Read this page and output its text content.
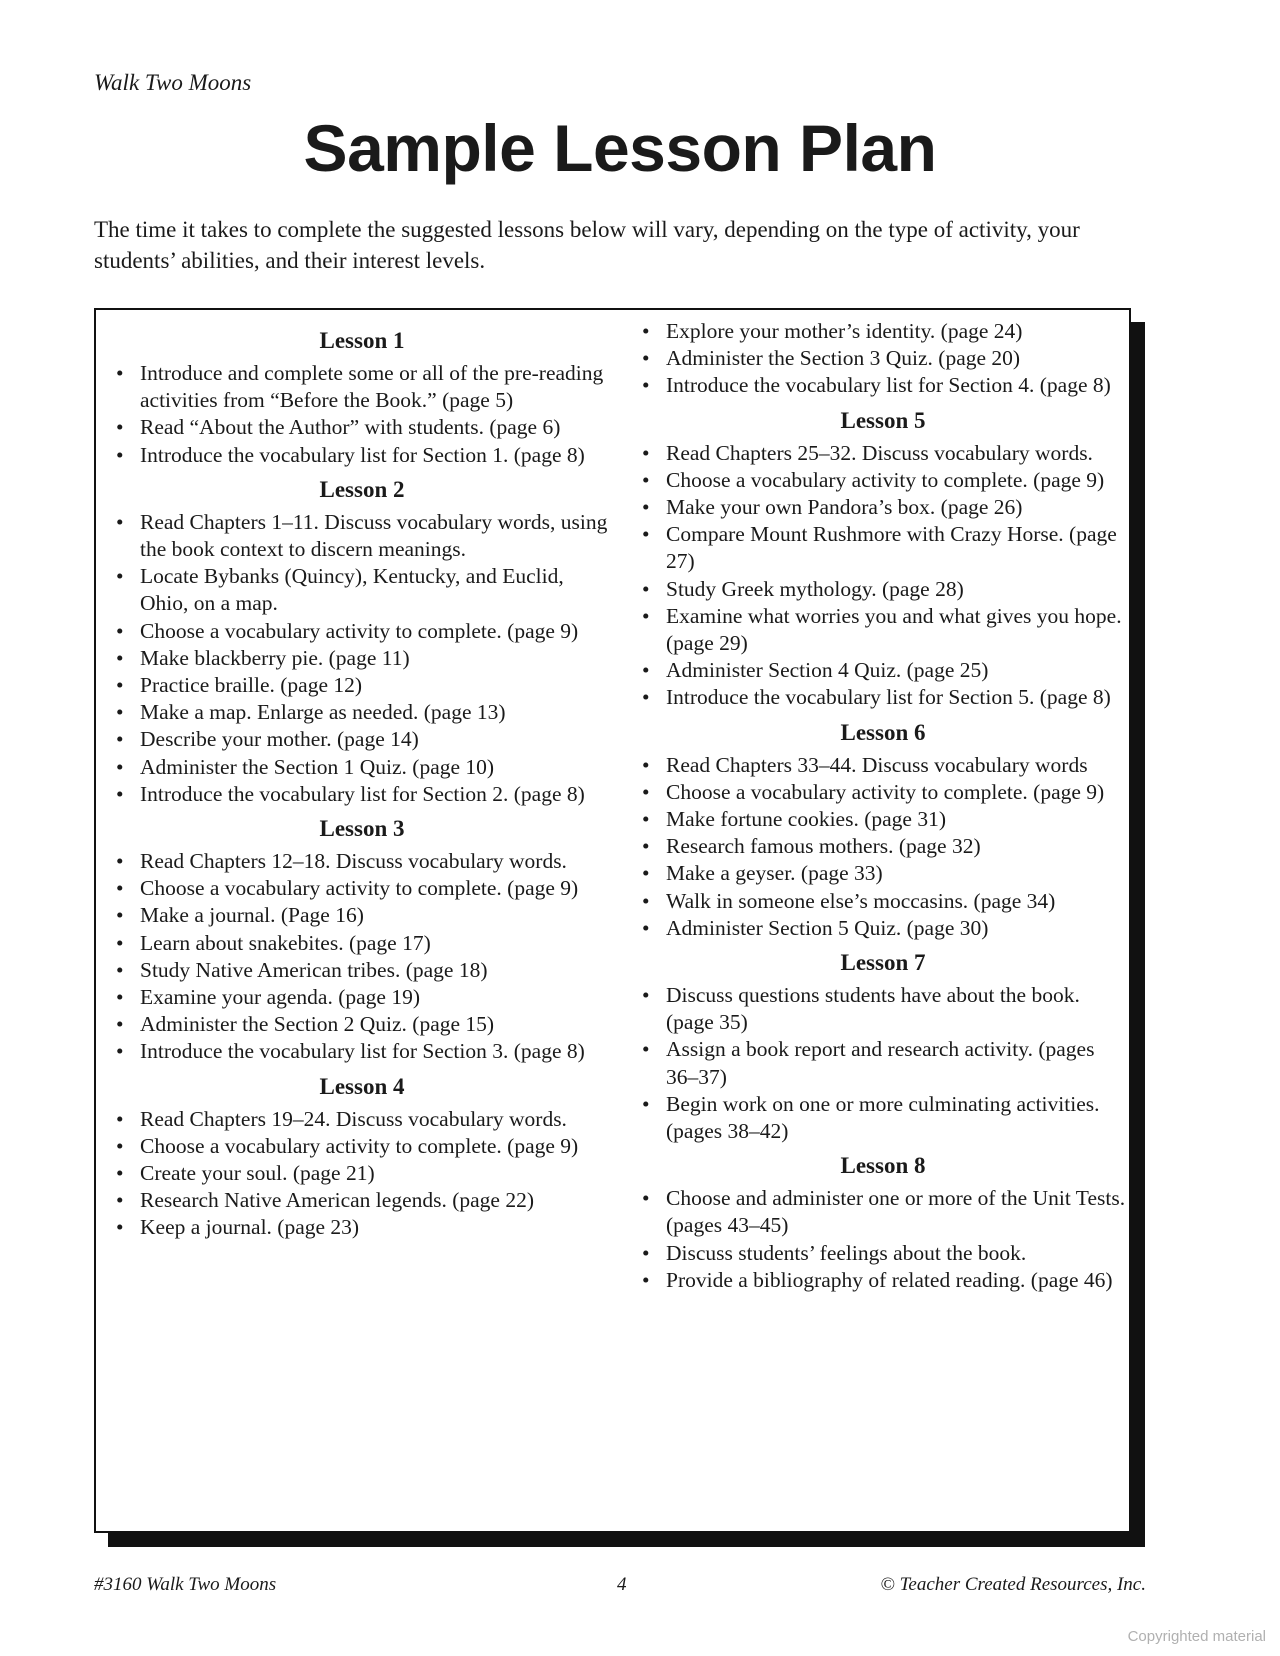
Walk Two Moons
Sample Lesson Plan
The time it takes to complete the suggested lessons below will vary, depending on the type of activity, your students’ abilities, and their interest levels.
Lesson 1
• Introduce and complete some or all of the pre-reading activities from “Before the Book.” (page 5)
• Read “About the Author” with students. (page 6)
• Introduce the vocabulary list for Section 1. (page 8)
Lesson 2
• Read Chapters 1–11. Discuss vocabulary words, using the book context to discern meanings.
• Locate Bybanks (Quincy), Kentucky, and Euclid, Ohio, on a map.
• Choose a vocabulary activity to complete. (page 9)
• Make blackberry pie. (page 11)
• Practice braille. (page 12)
• Make a map. Enlarge as needed. (page 13)
• Describe your mother. (page 14)
• Administer the Section 1 Quiz. (page 10)
• Introduce the vocabulary list for Section 2. (page 8)
Lesson 3
• Read Chapters 12–18. Discuss vocabulary words.
• Choose a vocabulary activity to complete. (page 9)
• Make a journal. (Page 16)
• Learn about snakebites. (page 17)
• Study Native American tribes. (page 18)
• Examine your agenda. (page 19)
• Administer the Section 2 Quiz. (page 15)
• Introduce the vocabulary list for Section 3. (page 8)
Lesson 4
• Read Chapters 19–24. Discuss vocabulary words.
• Choose a vocabulary activity to complete. (page 9)
• Create your soul. (page 21)
• Research Native American legends. (page 22)
• Keep a journal. (page 23)
• Explore your mother’s identity. (page 24)
• Administer the Section 3 Quiz. (page 20)
• Introduce the vocabulary list for Section 4. (page 8)
Lesson 5
• Read Chapters 25–32. Discuss vocabulary words.
• Choose a vocabulary activity to complete. (page 9)
• Make your own Pandora’s box. (page 26)
• Compare Mount Rushmore with Crazy Horse. (page 27)
• Study Greek mythology. (page 28)
• Examine what worries you and what gives you hope. (page 29)
• Administer Section 4 Quiz. (page 25)
• Introduce the vocabulary list for Section 5. (page 8)
Lesson 6
• Read Chapters 33–44. Discuss vocabulary words
• Choose a vocabulary activity to complete. (page 9)
• Make fortune cookies. (page 31)
• Research famous mothers. (page 32)
• Make a geyser. (page 33)
• Walk in someone else’s moccasins. (page 34)
• Administer Section 5 Quiz. (page 30)
Lesson 7
• Discuss questions students have about the book. (page 35)
• Assign a book report and research activity. (pages 36–37)
• Begin work on one or more culminating activities. (pages 38–42)
Lesson 8
• Choose and administer one or more of the Unit Tests. (pages 43–45)
• Discuss students’ feelings about the book.
• Provide a bibliography of related reading. (page 46)
#3160 Walk Two Moons	4	© Teacher Created Resources, Inc.
Copyrighted material
